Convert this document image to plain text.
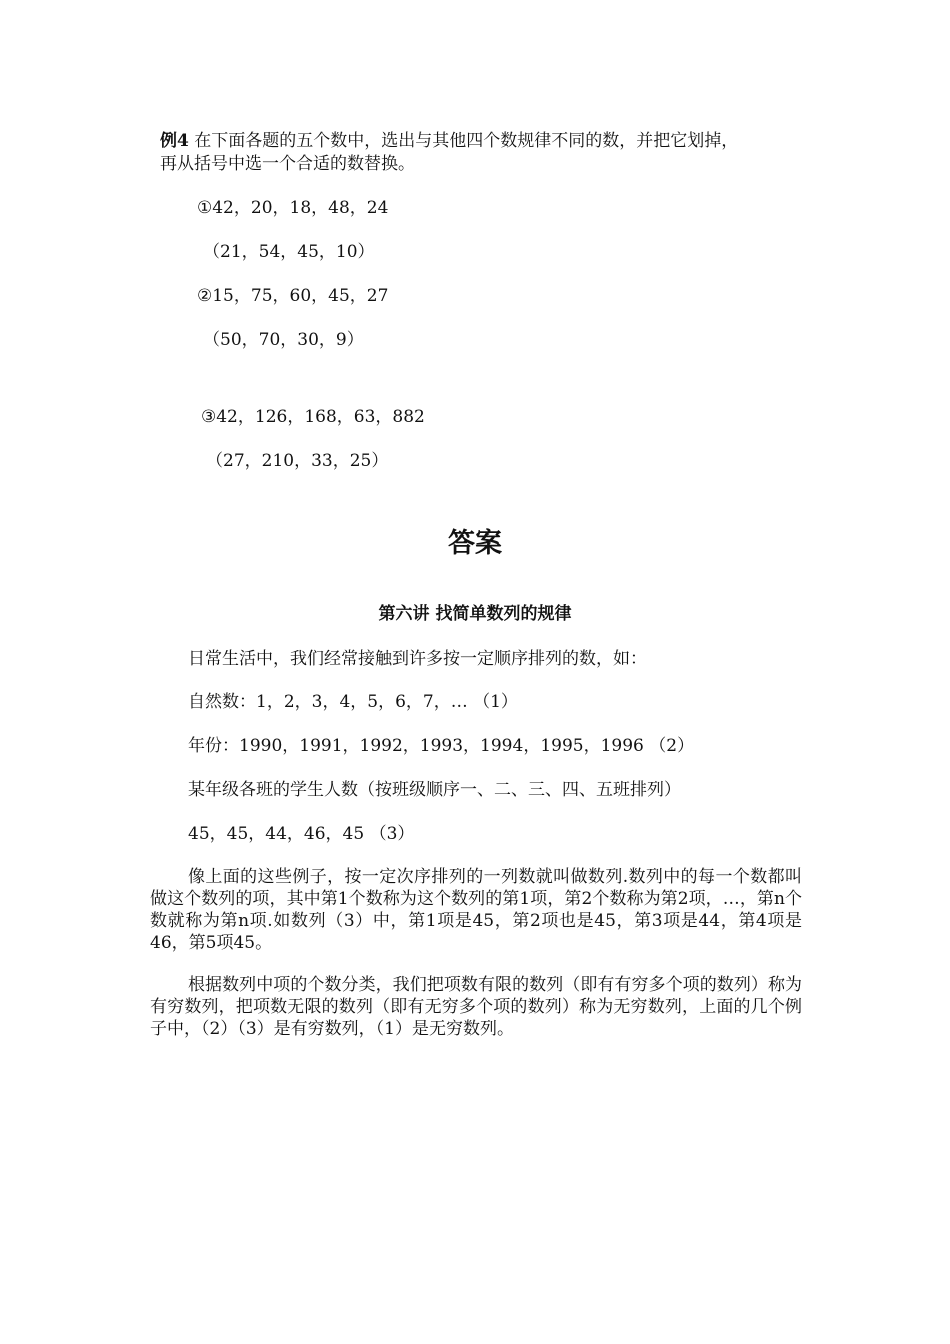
例4 在下面各题的五个数中，选出与其他四个数规律不同的数，并把它划掉，
再从括号中选一个合适的数替换。
①42，20，18，48，24
（21，54，45，10）
②15，75，60，45，27
（50，70，30，9）
③42，126，168，63，882
（27，210，33，25）
答案
第六讲 找简单数列的规律
日常生活中，我们经常接触到许多按一定顺序排列的数，如：
自然数：1，2，3，4，5，6，7，… （1）
年份：1990，1991，1992，1993，1994，1995，1996 （2）
某年级各班的学生人数（按班级顺序一、二、三、四、五班排列）
45，45，44，46，45 （3）
像上面的这些例子，按一定次序排列的一列数就叫做数列.数列中的每一个数都叫做这个数列的项，其中第1个数称为这个数列的第1项，第2个数称为第2项，…，第n个数就称为第n项.如数列（3）中，第1项是45，第2项也是45，第3项是44，第4项是46，第5项45。
根据数列中项的个数分类，我们把项数有限的数列（即有有穷多个项的数列）称为有穷数列，把项数无限的数列（即有无穷多个项的数列）称为无穷数列，上面的几个例子中，（2）（3）是有穷数列，（1）是无穷数列。
